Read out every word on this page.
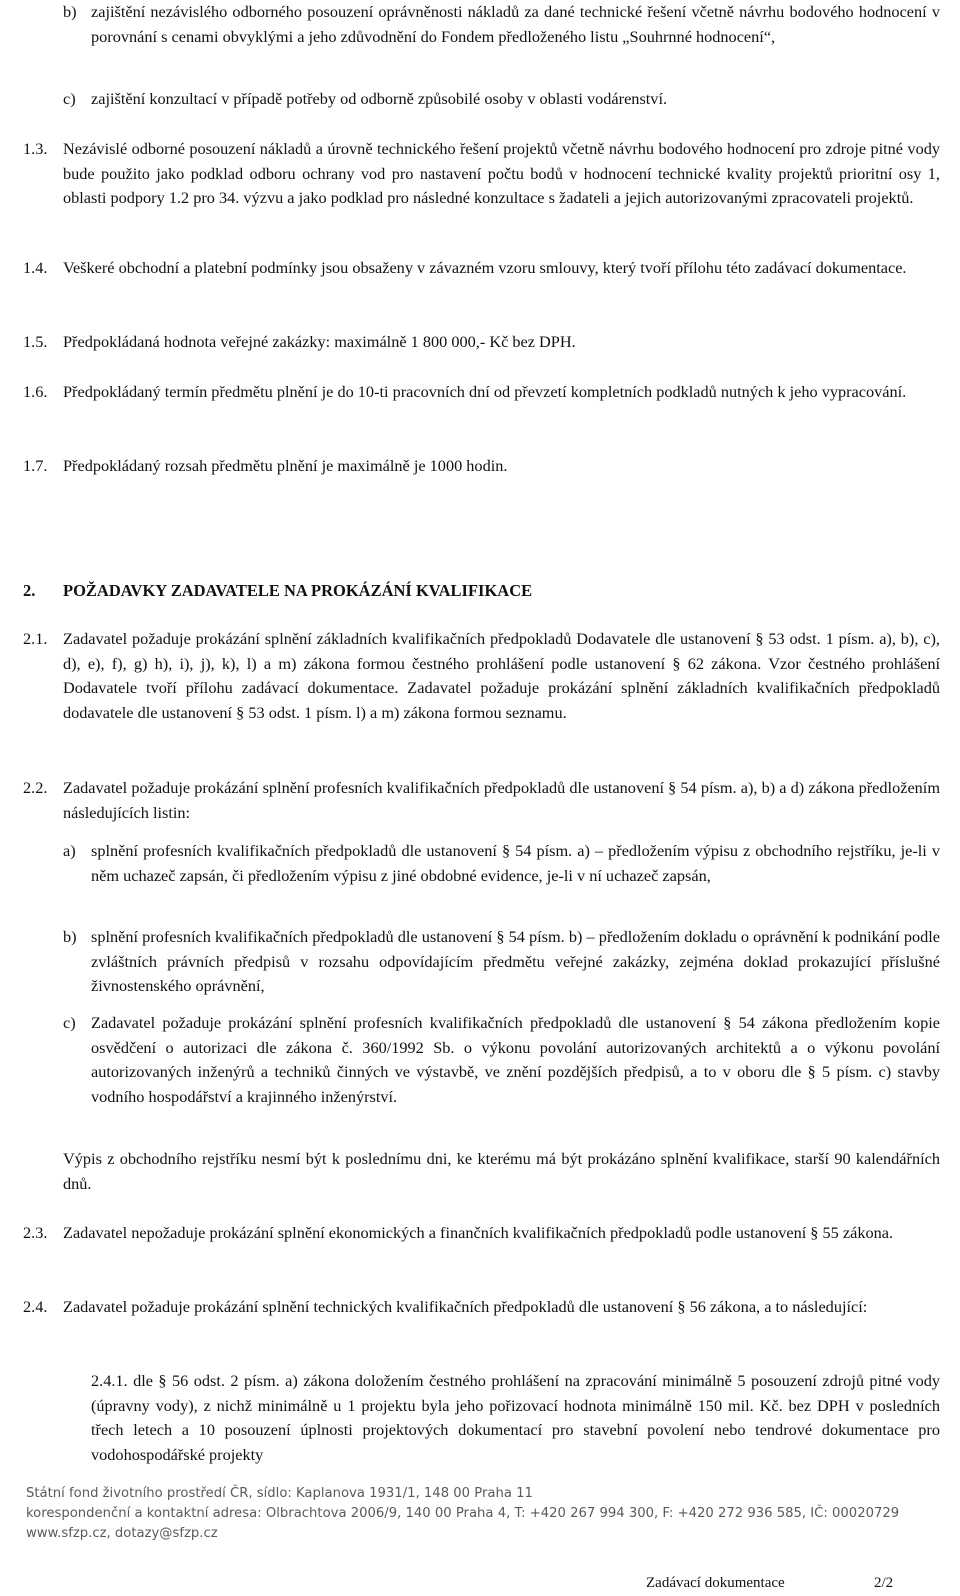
b) zajištění nezávislého odborného posouzení oprávněnosti nákladů za dané technické řešení včetně návrhu bodového hodnocení v porovnání s cenami obvyklými a jeho zdůvodnění do Fondem předloženého listu „Souhrnné hodnocení“,

c) zajištění konzultací v případě potřeby od odborně způsobilé osoby v oblasti vodárenství.

1.3. Nezávislé odborné posouzení nákladů a úrovně technického řešení projektů včetně návrhu bodového hodnocení pro zdroje pitné vody bude použito jako podklad odboru ochrany vod pro nastavení počtu bodů v hodnocení technické kvality projektů prioritní osy 1, oblasti podpory 1.2 pro 34. výzvu a jako podklad pro následné konzultace s žadateli a jejich autorizovanými zpracovateli projektů.

1.4. Veškeré obchodní a platební podmínky jsou obsaženy v závazném vzoru smlouvy, který tvoří přílohu této zadávací dokumentace.

1.5. Předpokládaná hodnota veřejné zakázky: maximálně 1 800 000,- Kč bez DPH.

1.6. Předpokládaný termín předmětu plnění je do 10-ti pracovních dní od převzetí kompletních podkladů nutných k jeho vypracování.

1.7. Předpokládaný rozsah předmětu plnění je maximálně je 1000 hodin.

2. POŽADAVKY ZADAVATELE NA PROKÁZÁNÍ KVALIFIKACE

2.1. Zadavatel požaduje prokázání splnění základních kvalifikačních předpokladů Dodavatele dle ustanovení § 53 odst. 1 písm. a), b), c), d), e), f), g) h), i), j), k), l) a m) zákona formou čestného prohlášení podle ustanovení § 62 zákona. Vzor čestného prohlášení Dodavatele tvoří přílohu zadávací dokumentace. Zadavatel požaduje prokázání splnění základních kvalifikačních předpokladů dodavatele dle ustanovení § 53 odst. 1 písm. l) a m) zákona formou seznamu.

2.2. Zadavatel požaduje prokázání splnění profesních kvalifikačních předpokladů dle ustanovení § 54 písm. a), b) a d) zákona předložením následujících listin:

a) splnění profesních kvalifikačních předpokladů dle ustanovení § 54 písm. a) – předložením výpisu z obchodního rejstříku, je-li v něm uchazeč zapsán, či předložením výpisu z jiné obdobné evidence, je-li v ní uchazeč zapsán,

b) splnění profesních kvalifikačních předpokladů dle ustanovení § 54 písm. b) – předložením dokladu o oprávnění k podnikání podle zvláštních právních předpisů v rozsahu odpovídajícím předmětu veřejné zakázky, zejména doklad prokazující příslušné živnostenského oprávnění,

c) Zadavatel požaduje prokázání splnění profesních kvalifikačních předpokladů dle ustanovení § 54 zákona předložením kopie osvědčení o autorizaci dle zákona č. 360/1992 Sb. o výkonu povolání autorizovaných architektů a o výkonu povolání autorizovaných inženýrů a techniků činných ve výstavbě, ve znění pozdějších předpisů, a to v oboru dle § 5 písm. c) stavby vodního hospodářství a krajinného inženýrství.

Výpis z obchodního rejstříku nesmí být k poslednímu dni, ke kterému má být prokázáno splnění kvalifikace, starší 90 kalendářních dnů.

2.3. Zadavatel nepožaduje prokázání splnění ekonomických a finančních kvalifikačních předpokladů podle ustanovení § 55 zákona.

2.4. Zadavatel požaduje prokázání splnění technických kvalifikačních předpokladů dle ustanovení § 56 zákona, a to následující:

2.4.1. dle § 56 odst. 2 písm. a) zákona doložením čestného prohlášení na zpracování minimálně 5 posouzení zdrojů pitné vody (úpravny vody), z nichž minimálně u 1 projektu byla jeho pořizovací hodnota minimálně 150 mil. Kč. bez DPH v posledních třech letech a 10 posouzení úplnosti projektových dokumentací pro stavební povolení nebo tendrové dokumentace pro vodohospodářské projekty

Státní fond životního prostředí ČR, sídlo: Kaplanova 1931/1, 148 00 Praha 11
korespondenční a kontaktní adresa: Olbrachtova 2006/9, 140 00 Praha 4, T: +420 267 994 300, F: +420 272 936 585, IČ: 00020729
www.sfzp.cz, dotazy@sfzp.cz
Zadávací dokumentace	2/2
